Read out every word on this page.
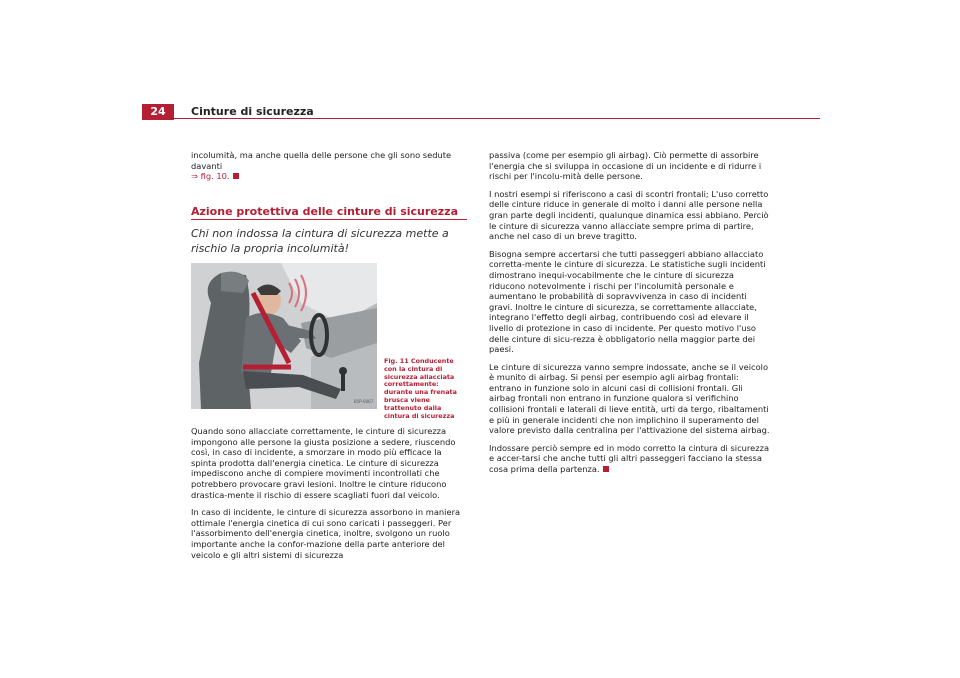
24	Cinture di sicurezza

incolumità, ma anche quella delle persone che gli sono sedute davanti
⇒ fig. 10.

Azione protettiva delle cinture di sicurezza
Chi non indossa la cintura di sicurezza mette a rischio la propria incolumità!
B5P-0067
Fig. 11 Conducente con la cintura di sicurezza allacciata correttamente: durante una frenata brusca viene trattenuto dalla cintura di sicurezza

Quando sono allacciate correttamente, le cinture di sicurezza impongono alle persone la giusta posizione a sedere, riuscendo così, in caso di incidente, a smorzare in modo più efficace la spinta prodotta dall'energia cinetica. Le cinture di sicurezza impediscono anche di compiere movimenti incontrollati che potrebbero provocare gravi lesioni. Inoltre le cinture riducono drastica-mente il rischio di essere scagliati fuori dal veicolo.

In caso di incidente, le cinture di sicurezza assorbono in maniera ottimale l'energia cinetica di cui sono caricati i passeggeri. Per l'assorbimento dell'energia cinetica, inoltre, svolgono un ruolo importante anche la confor-mazione della parte anteriore del veicolo e gli altri sistemi di sicurezza

passiva (come per esempio gli airbag). Ciò permette di assorbire l'energia che si sviluppa in occasione di un incidente e di ridurre i rischi per l'incolu-mità delle persone.

I nostri esempi si riferiscono a casi di scontri frontali; L'uso corretto delle cinture riduce in generale di molto i danni alle persone nella gran parte degli incidenti, qualunque dinamica essi abbiano. Perciò le cinture di sicurezza vanno allacciate sempre prima di partire, anche nel caso di un breve tragitto.

Bisogna sempre accertarsi che tutti passeggeri abbiano allacciato corretta-mente le cinture di sicurezza. Le statistiche sugli incidenti dimostrano inequi-vocabilmente che le cinture di sicurezza riducono notevolmente i rischi per l'incolumità personale e aumentano le probabilità di sopravvivenza in caso di incidenti gravi. Inoltre le cinture di sicurezza, se correttamente allacciate, integrano l'effetto degli airbag, contribuendo così ad elevare il livello di protezione in caso di incidente. Per questo motivo l'uso delle cinture di sicu-rezza è obbligatorio nella maggior parte dei paesi.

Le cinture di sicurezza vanno sempre indossate, anche se il veicolo è munito di airbag. Si pensi per esempio agli airbag frontali: entrano in funzione solo in alcuni casi di collisioni frontali. Gli airbag frontali non entrano in funzione qualora si verifichino collisioni frontali e laterali di lieve entità, urti da tergo, ribaltamenti e più in generale incidenti che non implichino il superamento del valore previsto dalla centralina per l'attivazione del sistema airbag.

Indossare perciò sempre ed in modo corretto la cintura di sicurezza e accer-tarsi che anche tutti gli altri passeggeri facciano la stessa cosa prima della partenza.
